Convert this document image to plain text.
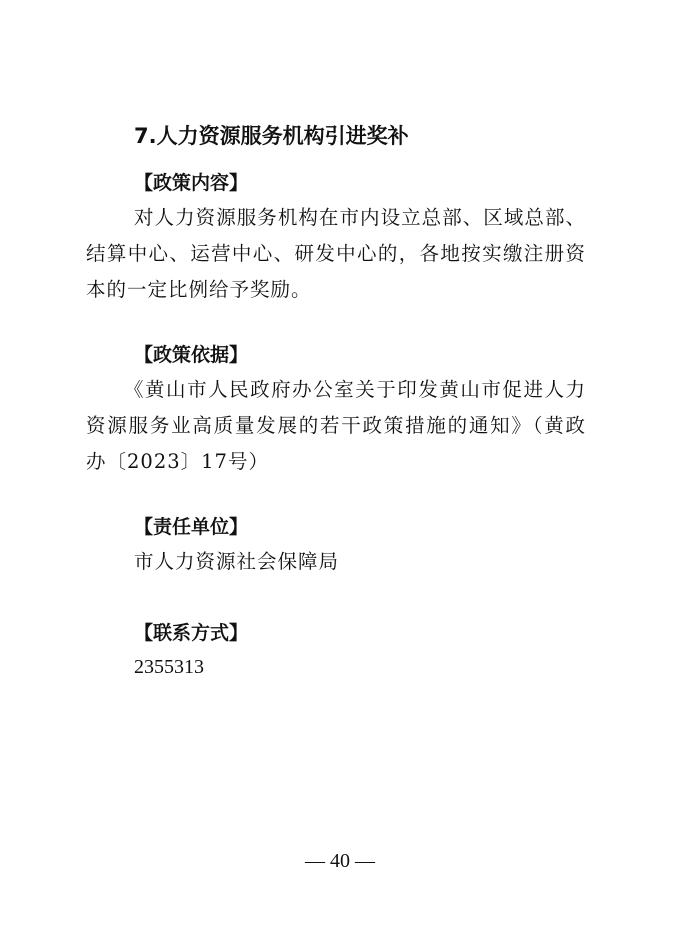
7.人力资源服务机构引进奖补
【政策内容】
对人力资源服务机构在市内设立总部、区域总部、结算中心、运营中心、研发中心的，各地按实缴注册资本的一定比例给予奖励。
【政策依据】
《黄山市人民政府办公室关于印发黄山市促进人力资源服务业高质量发展的若干政策措施的通知》（黄政办〔2023〕17号）
【责任单位】
市人力资源社会保障局
【联系方式】
2355313
— 40 —
